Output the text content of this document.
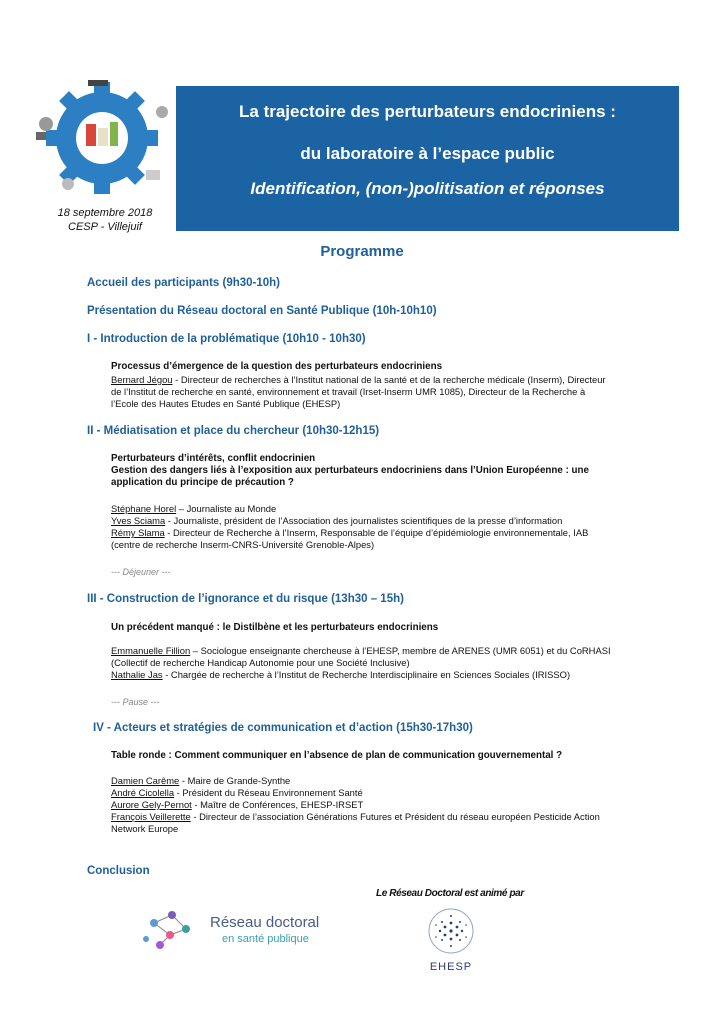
18 septembre 2018
CESP - Villejuif
La trajectoire des perturbateurs endocriniens :
du laboratoire à l’espace public
Identification, (non-)politisation et réponses
Programme
Accueil des participants (9h30-10h)
Présentation du Réseau doctoral en Santé Publique (10h-10h10)
I - Introduction de la problématique (10h10 - 10h30)
Processus d’émergence de la question des perturbateurs endocriniens
Bernard Jégou - Directeur de recherches à l’Institut national de la santé et de la recherche médicale (Inserm), Directeur
de l’Institut de recherche en santé, environnement et travail (Irset-Inserm UMR 1085), Directeur de la Recherche à
l’Ecole des Hautes Etudes en Santé Publique (EHESP)
II - Médiatisation et place du chercheur (10h30-12h15)
Perturbateurs d’intérêts, conflit endocrinien
Gestion des dangers liés à l’exposition aux perturbateurs endocriniens dans l’Union Européenne : une
application du principe de précaution ?
Stéphane Horel – Journaliste au Monde
Yves Sciama - Journaliste, président de l’Association des journalistes scientifiques de la presse d’information
Rémy Slama - Directeur de Recherche à l’Inserm, Responsable de l’équipe d’épidémiologie environnementale, IAB
(centre de recherche Inserm-CNRS-Université Grenoble-Alpes)
--- Déjeuner ---
III - Construction de l’ignorance et du risque (13h30 – 15h)
Un précédent manqué : le Distilbène et les perturbateurs endocriniens
Emmanuelle Fillion – Sociologue enseignante chercheuse à l’EHESP, membre de ARENES (UMR 6051) et du CoRHASI
(Collectif de recherche Handicap Autonomie pour une Société Inclusive)
Nathalie Jas - Chargée de recherche à l’Institut de Recherche Interdisciplinaire en Sciences Sociales (IRISSO)
--- Pause ---
IV - Acteurs et stratégies de communication et d’action (15h30-17h30)
Table ronde : Comment communiquer en l’absence de plan de communication gouvernemental ?
Damien Carême - Maire de Grande-Synthe
André Cicolella - Président du Réseau Environnement Santé
Aurore Gely-Pernot - Maître de Conférences, EHESP-IRSET
François Veillerette - Directeur de l’association Générations Futures et Président du réseau européen Pesticide Action
Network Europe
Conclusion
Le Réseau Doctoral est animé par
Réseau doctoral
en santé publique
EHESP
